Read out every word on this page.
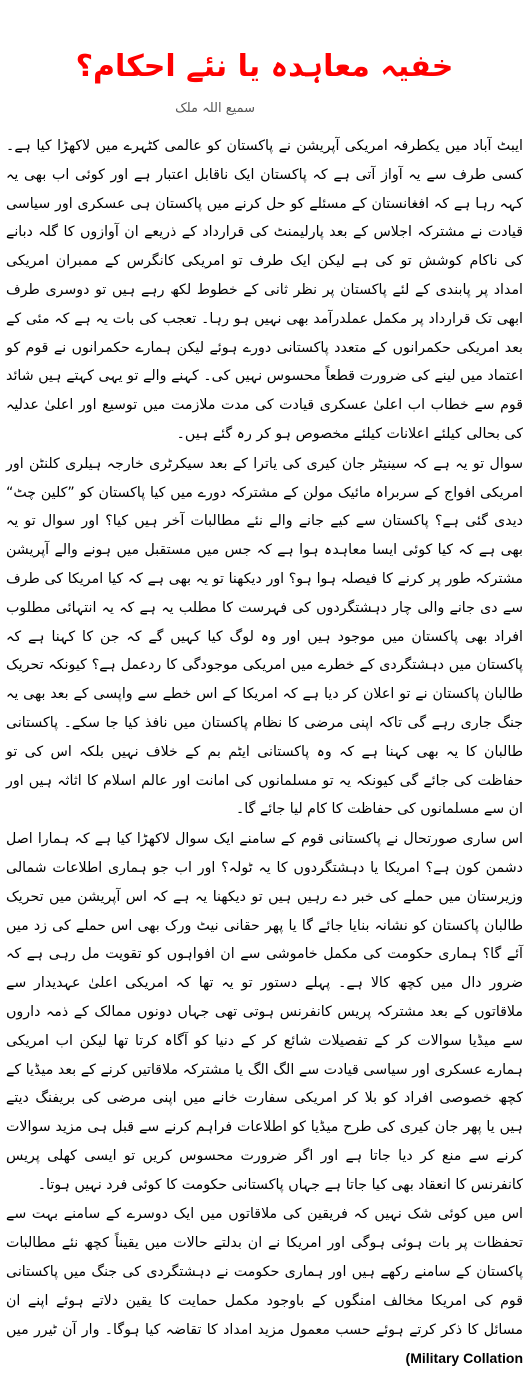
خفیہ معاہدہ یا نئے احکام؟
سمیع اللہ ملک

ایبٹ آباد میں یکطرفہ امریکی آپریشن نے پاکستان کو عالمی کٹہرے میں لاکھڑا کیا ہے۔ کسی طرف سے یہ آواز آتی ہے کہ پاکستان ایک ناقابل اعتبار ہے اور کوئی اب بھی یہ کہہ رہا ہے کہ افغانستان کے مسئلے کو حل کرنے میں پاکستان ہی عسکری اور سیاسی قیادت نے مشترکہ اجلاس کے بعد پارلیمنٹ کی قرارداد کے ذریعے ان آوازوں کا گلہ دبانے کی ناکام کوشش تو کی ہے لیکن ایک طرف تو امریکی کانگرس کے ممبران امریکی امداد پر پابندی کے لئے پاکستان پر نظر ثانی کے خطوط لکھ رہے ہیں تو دوسری طرف ابھی تک قرارداد پر مکمل عملدرآمد بھی نہیں ہو رہا۔ تعجب کی بات یہ ہے کہ مئی کے بعد امریکی حکمرانوں کے متعدد پاکستانی دورے ہوئے لیکن ہمارے حکمرانوں نے قوم کو اعتماد میں لینے کی ضرورت قطعاً محسوس نہیں کی۔ کہنے والے تو یہی کہتے ہیں شائد قوم سے خطاب اب اعلیٰ عسکری قیادت کی مدت ملازمت میں توسیع اور اعلیٰ عدلیہ کی بحالی کیلئے اعلانات کیلئے مخصوص ہو کر رہ گئے ہیں۔

سوال تو یہ ہے کہ سینیٹر جان کیری کی یاترا کے بعد سیکرٹری خارجہ ہیلری کلنٹن اور امریکی افواج کے سربراہ مائیک مولن کے مشترکہ دورے میں کیا پاکستان کو ”کلین چٹ“ دیدی گئی ہے؟ پاکستان سے کیے جانے والے نئے مطالبات آخر ہیں کیا؟ اور سوال تو یہ بھی ہے کہ کیا کوئی ایسا معاہدہ ہوا ہے کہ جس میں مستقبل میں ہونے والے آپریشن مشترکہ طور پر کرنے کا فیصلہ ہوا ہو؟ اور دیکھنا تو یہ بھی ہے کہ کیا امریکا کی طرف سے دی جانے والی چار دہشتگردوں کی فہرست کا مطلب یہ ہے کہ یہ انتہائی مطلوب افراد بھی پاکستان میں موجود ہیں اور وہ لوگ کیا کہیں گے کہ جن کا کہنا ہے کہ پاکستان میں دہشتگردی کے خطرے میں امریکی موجودگی کا ردعمل ہے؟ کیونکہ تحریک طالبان پاکستان نے تو اعلان کر دیا ہے کہ امریکا کے اس خطے سے واپسی کے بعد بھی یہ جنگ جاری رہے گی تاکہ اپنی مرضی کا نظام پاکستان میں نافذ کیا جا سکے۔ پاکستانی طالبان کا یہ بھی کہنا ہے کہ وہ پاکستانی ایٹم بم کے خلاف نہیں بلکہ اس کی تو حفاظت کی جائے گی کیونکہ یہ تو مسلمانوں کی امانت اور عالم اسلام کا اثاثہ ہیں اور ان سے مسلمانوں کی حفاظت کا کام لیا جائے گا۔

اس ساری صورتحال نے پاکستانی قوم کے سامنے ایک سوال لاکھڑا کیا ہے کہ ہمارا اصل دشمن کون ہے؟ امریکا یا دہشتگردوں کا یہ ٹولہ؟ اور اب جو ہماری اطلاعات شمالی وزیرستان میں حملے کی خبر دے رہیں ہیں تو دیکھنا یہ ہے کہ اس آپریشن میں تحریک طالبان پاکستان کو نشانہ بنایا جائے گا یا پھر حقانی نیٹ ورک بھی اس حملے کی زد میں آئے گا؟ ہماری حکومت کی مکمل خاموشی سے ان افواہوں کو تقویت مل رہی ہے کہ ضرور دال میں کچھ کالا ہے۔ پہلے دستور تو یہ تھا کہ امریکی اعلیٰ عہدیدار سے ملاقاتوں کے بعد مشترکہ پریس کانفرنس ہوتی تھی جہاں دونوں ممالک کے ذمہ داروں سے میڈیا سوالات کر کے تفصیلات شائع کر کے دنیا کو آگاہ کرتا تھا لیکن اب امریکی ہمارے عسکری اور سیاسی قیادت سے الگ الگ یا مشترکہ ملاقاتیں کرنے کے بعد میڈیا کے کچھ خصوصی افراد کو بلا کر امریکی سفارت خانے میں اپنی مرضی کی بریفنگ دیتے ہیں یا پھر جان کیری کی طرح میڈیا کو اطلاعات فراہم کرنے سے قبل ہی مزید سوالات کرنے سے منع کر دیا جاتا ہے اور اگر ضرورت محسوس کریں تو ایسی کھلی پریس کانفرنس کا انعقاد بھی کیا جاتا ہے جہاں پاکستانی حکومت کا کوئی فرد نہیں ہوتا۔

اس میں کوئی شک نہیں کہ فریقین کی ملاقاتوں میں ایک دوسرے کے سامنے بہت سے تحفظات پر بات ہوئی ہوگی اور امریکا نے ان بدلتے حالات میں یقیناً کچھ نئے مطالبات پاکستان کے سامنے رکھے ہیں اور ہماری حکومت نے دہشتگردی کی جنگ میں پاکستانی قوم کی امریکا مخالف امنگوں کے باوجود مکمل حمایت کا یقین دلاتے ہوئے اپنے ان مسائل کا ذکر کرتے ہوئے حسب معمول مزید امداد کا تقاضہ کیا ہوگا۔ وار آن ٹیرر میں (Military Collation
